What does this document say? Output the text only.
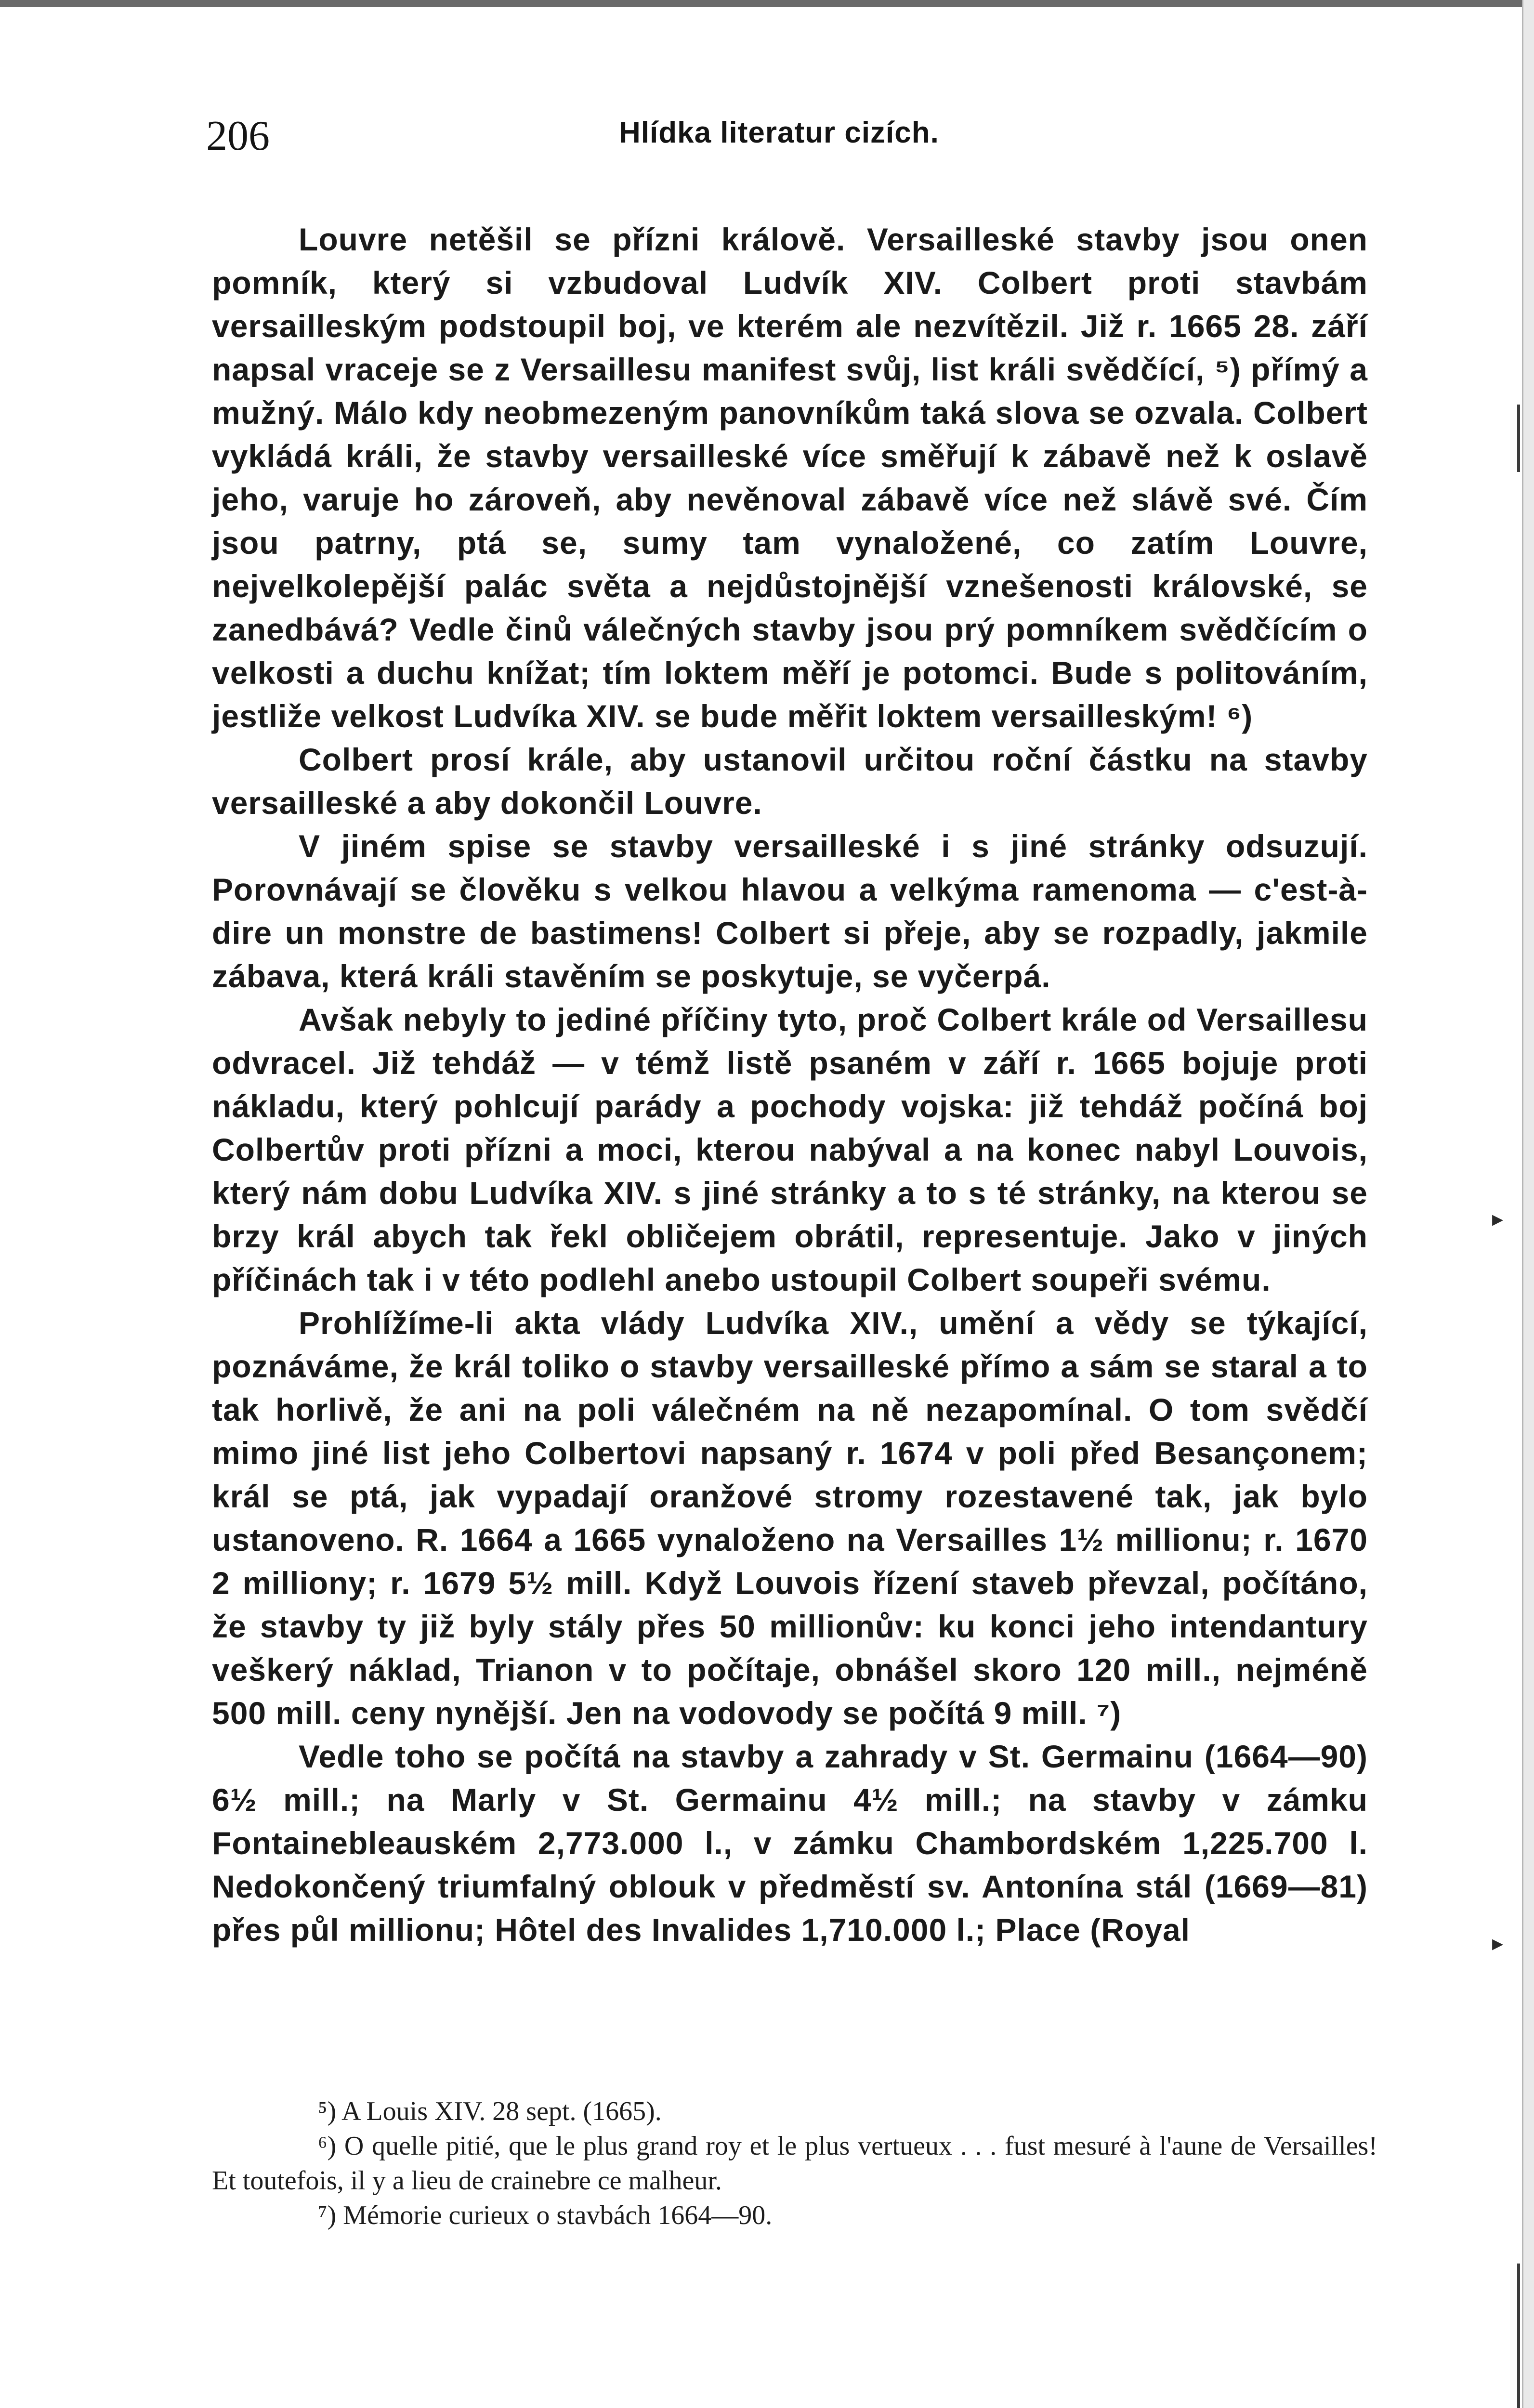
▸
▸
206	Hlídka literatur cizích.

Louvre netěšil se přízni královĕ. Versailleské stavby jsou onen pomník, který si vzbudoval Ludvík XIV. Colbert proti stavbám versailleským podstoupil boj, ve kterém ale nezvítězil. Již r. 1665 28. září napsal vraceje se z Versaillesu manifest svůj, list králi svědčící, ⁵) přímý a mužný. Málo kdy neobmezeným panovníkům taká slova se ozvala. Colbert vykládá králi, že stavby versailleské více směřují k zábavě než k oslavě jeho, varuje ho zároveň, aby nevěnoval zábavě více než slávě své. Čím jsou patrny, ptá se, sumy tam vynaložené, co zatím Louvre, nejvelkolepější palác světa a nejdůstojnější vznešenosti královské, se zanedbává? Vedle činů válečných stavby jsou prý pomníkem svědčícím o velkosti a duchu knížat; tím loktem měří je potomci. Bude s politováním, jestliže velkost Ludvíka XIV. se bude měřit loktem versailleským! ⁶)

Colbert prosí krále, aby ustanovil určitou roční částku na stavby versailleské a aby dokončil Louvre.

V jiném spise se stavby versailleské i s jiné stránky odsuzují. Porovnávají se člověku s velkou hlavou a velkýma ramenoma — c'est-à-dire un monstre de bastimens! Colbert si přeje, aby se rozpadly, jakmile zábava, která králi stavěním se poskytuje, se vyčerpá.

Avšak nebyly to jediné příčiny tyto, proč Colbert krále od Versaillesu odvracel. Již tehdáž — v témž listě psaném v září r. 1665 bojuje proti nákladu, který pohlcují parády a pochody vojska: již tehdáž počíná boj Colbertův proti přízni a moci, kterou nabýval a na konec nabyl Louvois, který nám dobu Ludvíka XIV. s jiné stránky a to s té stránky, na kterou se brzy král abych tak řekl obličejem obrátil, representuje. Jako v jiných příčinách tak i v této podlehl anebo ustoupil Colbert soupeři svému.

Prohlížíme-li akta vlády Ludvíka XIV., umění a vědy se týkající, poznáváme, že král toliko o stavby versailleské přímo a sám se staral a to tak horlivě, že ani na poli válečném na ně nezapomínal. O tom svědčí mimo jiné list jeho Colbertovi napsaný r. 1674 v poli před Besançonem; král se ptá, jak vypadají oranžové stromy rozestavené tak, jak bylo ustanoveno. R. 1664 a 1665 vynaloženo na Versailles 1½ millionu; r. 1670 2 milliony; r. 1679 5½ mill. Když Louvois řízení staveb převzal, počítáno, že stavby ty již byly stály přes 50 millionův: ku konci jeho intendantury veškerý náklad, Trianon v to počítaje, obnášel skoro 120 mill., nejméně 500 mill. ceny nynější. Jen na vodovody se počítá 9 mill. ⁷)

Vedle toho se počítá na stavby a zahrady v St. Germainu (1664—90) 6½ mill.; na Marly v St. Germainu 4½ mill.; na stavby v zámku Fontainebleauském 2,773.000 l., v zámku Chambordském 1,225.700 l. Nedokončený triumfalný oblouk v předměstí sv. Antonína stál (1669—81) přes půl millionu; Hôtel des Invalides 1,710.000 l.; Place (Royal

⁵) A Louis XIV. 28 sept. (1665).

⁶) O quelle pitié, que le plus grand roy et le plus vertueux . . . fust mesuré à l'aune de Versailles! Et toutefois, il y a lieu de crainebre ce malheur.

⁷) Mémorie curieux o stavbách 1664—90.
